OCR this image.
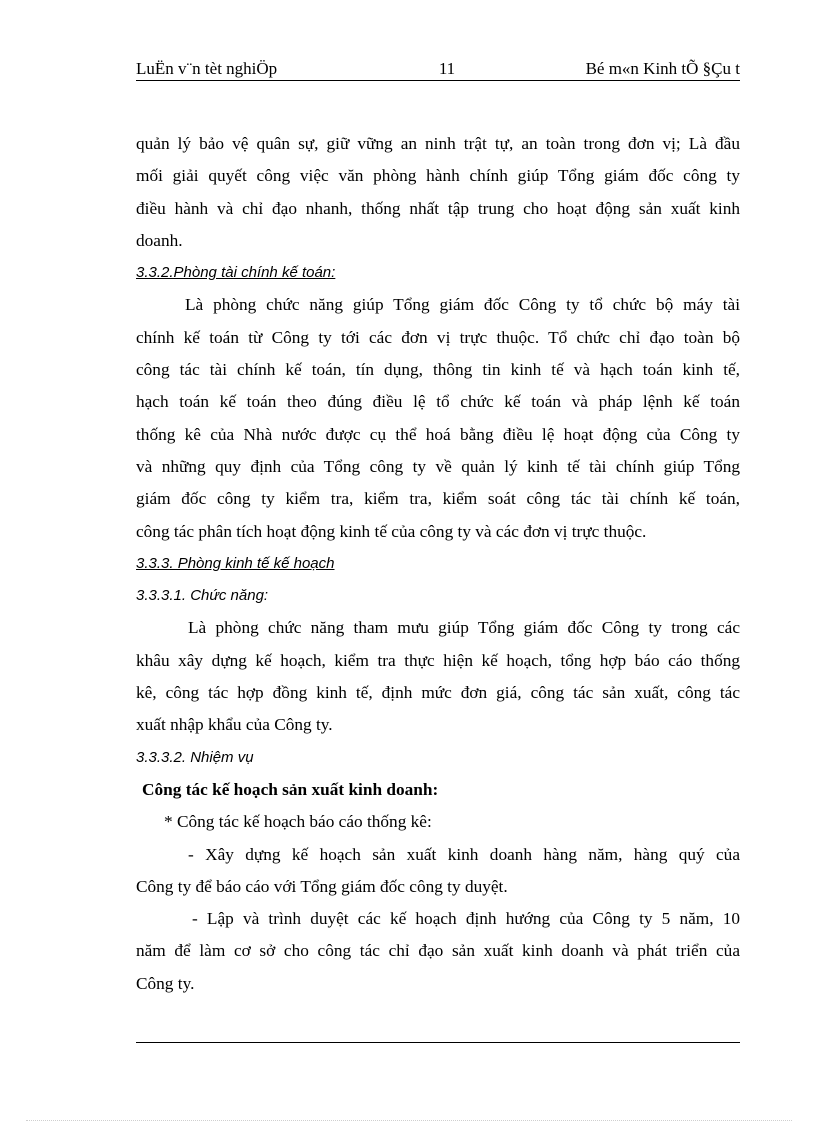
LuËn v¨n tèt nghiÖp	11	Bé m«n Kinh tÕ §Çu t
quản lý bảo vệ quân sự, giữ vững an ninh trật tự, an toàn trong đơn vị; Là đầu
mối giải quyết công việc văn phòng hành chính giúp Tổng giám đốc công ty
điều hành và chỉ đạo nhanh, thống nhất tập trung cho hoạt động sản xuất kinh
doanh.
3.3.2.Phòng tài chính kế toán:
Là phòng chức năng giúp Tổng giám đốc Công ty tổ chức bộ máy tài
chính kế toán từ Công ty tới các đơn vị trực thuộc. Tổ chức chỉ đạo toàn bộ
công tác tài chính kế toán, tín dụng, thông tin kinh tế và hạch toán kinh tế,
hạch toán kế toán theo đúng điều lệ tổ chức kế toán và pháp lệnh kế toán
thống kê của Nhà nước được cụ thể hoá bằng điều lệ hoạt động của Công ty
và những quy định của Tổng công ty về quản lý kinh tế tài chính giúp Tổng
giám đốc công ty kiểm tra, kiểm tra, kiểm soát công tác tài chính kế toán,
công tác phân tích hoạt động kinh tế của công ty và các đơn vị trực thuộc.
3.3.3. Phòng kinh tế kế hoạch
3.3.3.1. Chức năng:
Là phòng chức năng tham mưu giúp Tổng giám đốc Công ty trong các
khâu xây dựng kế hoạch, kiểm tra thực hiện kế hoạch, tổng hợp báo cáo thống
kê, công tác hợp đồng kinh tế, định mức đơn giá, công tác sản xuất, công tác
xuất nhập khẩu của Công ty.
3.3.3.2. Nhiệm vụ
Công tác kế hoạch sản xuất kinh doanh:
* Công tác kế hoạch báo cáo thống kê:
- Xây dựng kế hoạch sản xuất kinh doanh hàng năm, hàng quý của
Công ty để báo cáo với Tổng giám đốc công ty duyệt.
- Lập và trình duyệt các kế hoạch định hướng của Công ty 5 năm, 10
năm để làm cơ sở cho công tác chỉ đạo sản xuất kinh doanh và phát triển của
Công ty.
